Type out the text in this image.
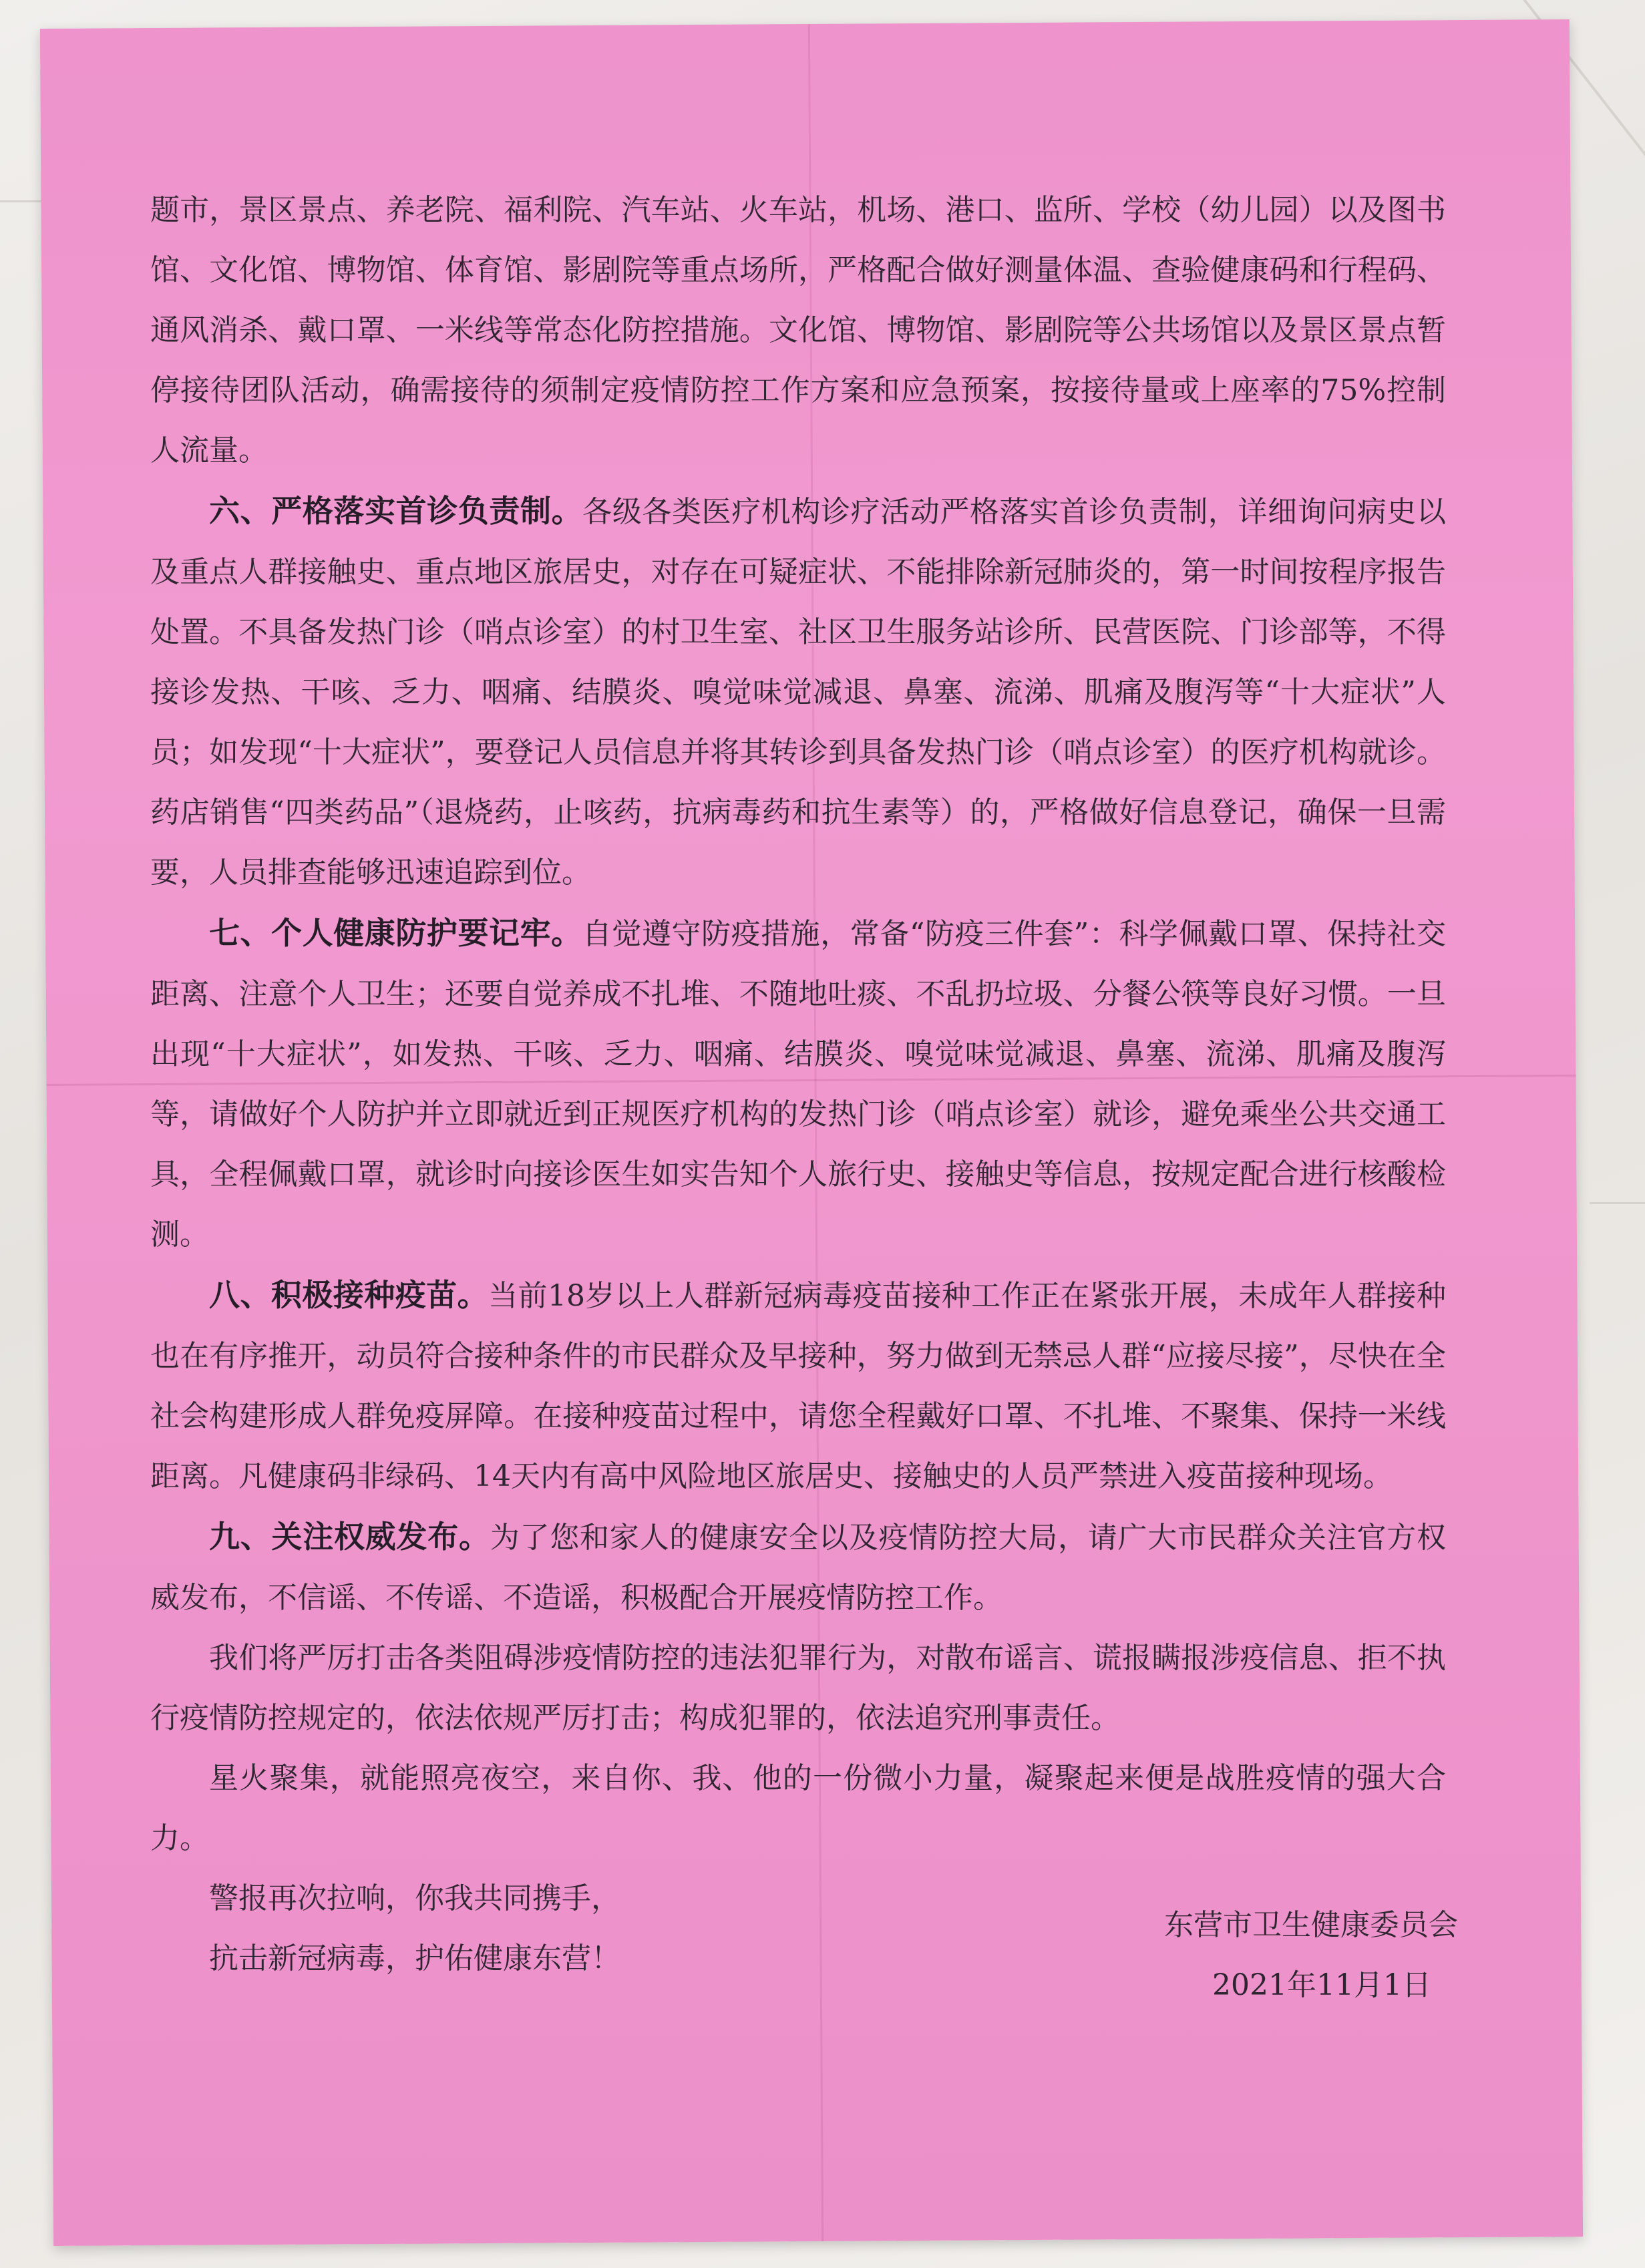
题市，景区景点、养老院、福利院、汽车站、火车站，机场、港口、监所、学校（幼儿园）以及图书馆、文化馆、博物馆、体育馆、影剧院等重点场所，严格配合做好测量体温、查验健康码和行程码、通风消杀、戴口罩、一米线等常态化防控措施。文化馆、博物馆、影剧院等公共场馆以及景区景点暂停接待团队活动，确需接待的须制定疫情防控工作方案和应急预案，按接待量或上座率的75%控制人流量。

六、严格落实首诊负责制。各级各类医疗机构诊疗活动严格落实首诊负责制，详细询问病史以及重点人群接触史、重点地区旅居史，对存在可疑症状、不能排除新冠肺炎的，第一时间按程序报告处置。不具备发热门诊（哨点诊室）的村卫生室、社区卫生服务站诊所、民营医院、门诊部等，不得接诊发热、干咳、乏力、咽痛、结膜炎、嗅觉味觉减退、鼻塞、流涕、肌痛及腹泻等“十大症状”人员；如发现“十大症状”，要登记人员信息并将其转诊到具备发热门诊（哨点诊室）的医疗机构就诊。药店销售“四类药品”（退烧药，止咳药，抗病毒药和抗生素等）的，严格做好信息登记，确保一旦需要，人员排查能够迅速追踪到位。

七、个人健康防护要记牢。自觉遵守防疫措施，常备“防疫三件套”：科学佩戴口罩、保持社交距离、注意个人卫生；还要自觉养成不扎堆、不随地吐痰、不乱扔垃圾、分餐公筷等良好习惯。一旦出现“十大症状”，如发热、干咳、乏力、咽痛、结膜炎、嗅觉味觉减退、鼻塞、流涕、肌痛及腹泻等，请做好个人防护并立即就近到正规医疗机构的发热门诊（哨点诊室）就诊，避免乘坐公共交通工具，全程佩戴口罩，就诊时向接诊医生如实告知个人旅行史、接触史等信息，按规定配合进行核酸检测。

八、积极接种疫苗。当前18岁以上人群新冠病毒疫苗接种工作正在紧张开展，未成年人群接种也在有序推开，动员符合接种条件的市民群众及早接种，努力做到无禁忌人群“应接尽接”，尽快在全社会构建形成人群免疫屏障。在接种疫苗过程中，请您全程戴好口罩、不扎堆、不聚集、保持一米线距离。凡健康码非绿码、14天内有高中风险地区旅居史、接触史的人员严禁进入疫苗接种现场。

九、关注权威发布。为了您和家人的健康安全以及疫情防控大局，请广大市民群众关注官方权威发布，不信谣、不传谣、不造谣，积极配合开展疫情防控工作。

我们将严厉打击各类阻碍涉疫情防控的违法犯罪行为，对散布谣言、谎报瞒报涉疫信息、拒不执行疫情防控规定的，依法依规严厉打击；构成犯罪的，依法追究刑事责任。

星火聚集，就能照亮夜空，来自你、我、他的一份微小力量，凝聚起来便是战胜疫情的强大合力。

警报再次拉响，你我共同携手，

抗击新冠病毒，护佑健康东营！

东营市卫生健康委员会
2021年11月1日
